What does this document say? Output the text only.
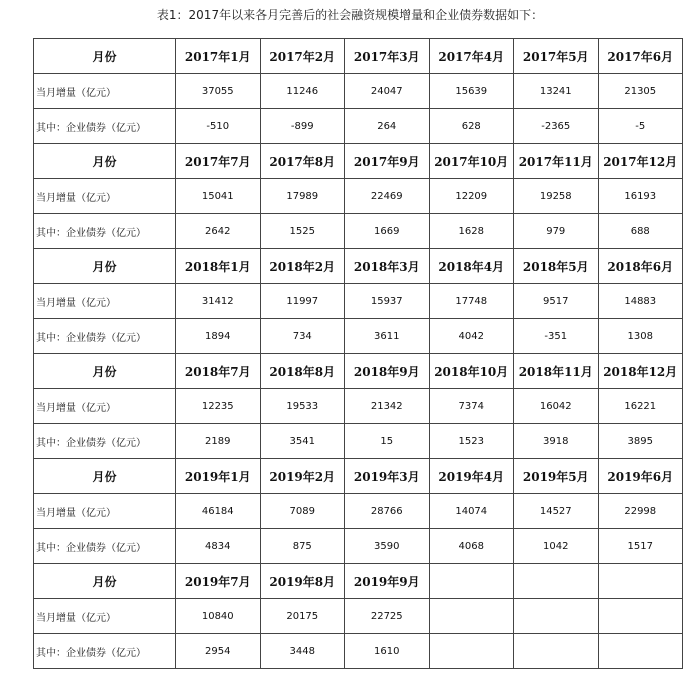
表1：2017年以来各月完善后的社会融资规模增量和企业债券数据如下：
月份	2017年1月	2017年2月	2017年3月	2017年4月	2017年5月	2017年6月
当月增量（亿元）	37055	11246	24047	15639	13241	21305
其中：企业债券（亿元）	-510	-899	264	628	-2365	-5
月份	2017年7月	2017年8月	2017年9月	2017年10月	2017年11月	2017年12月
当月增量（亿元）	15041	17989	22469	12209	19258	16193
其中：企业债券（亿元）	2642	1525	1669	1628	979	688
月份	2018年1月	2018年2月	2018年3月	2018年4月	2018年5月	2018年6月
当月增量（亿元）	31412	11997	15937	17748	9517	14883
其中：企业债券（亿元）	1894	734	3611	4042	-351	1308
月份	2018年7月	2018年8月	2018年9月	2018年10月	2018年11月	2018年12月
当月增量（亿元）	12235	19533	21342	7374	16042	16221
其中：企业债券（亿元）	2189	3541	15	1523	3918	3895
月份	2019年1月	2019年2月	2019年3月	2019年4月	2019年5月	2019年6月
当月增量（亿元）	46184	7089	28766	14074	14527	22998
其中：企业债券（亿元）	4834	875	3590	4068	1042	1517
月份	2019年7月	2019年8月	2019年9月			
当月增量（亿元）	10840	20175	22725			
其中：企业债券（亿元）	2954	3448	1610			
